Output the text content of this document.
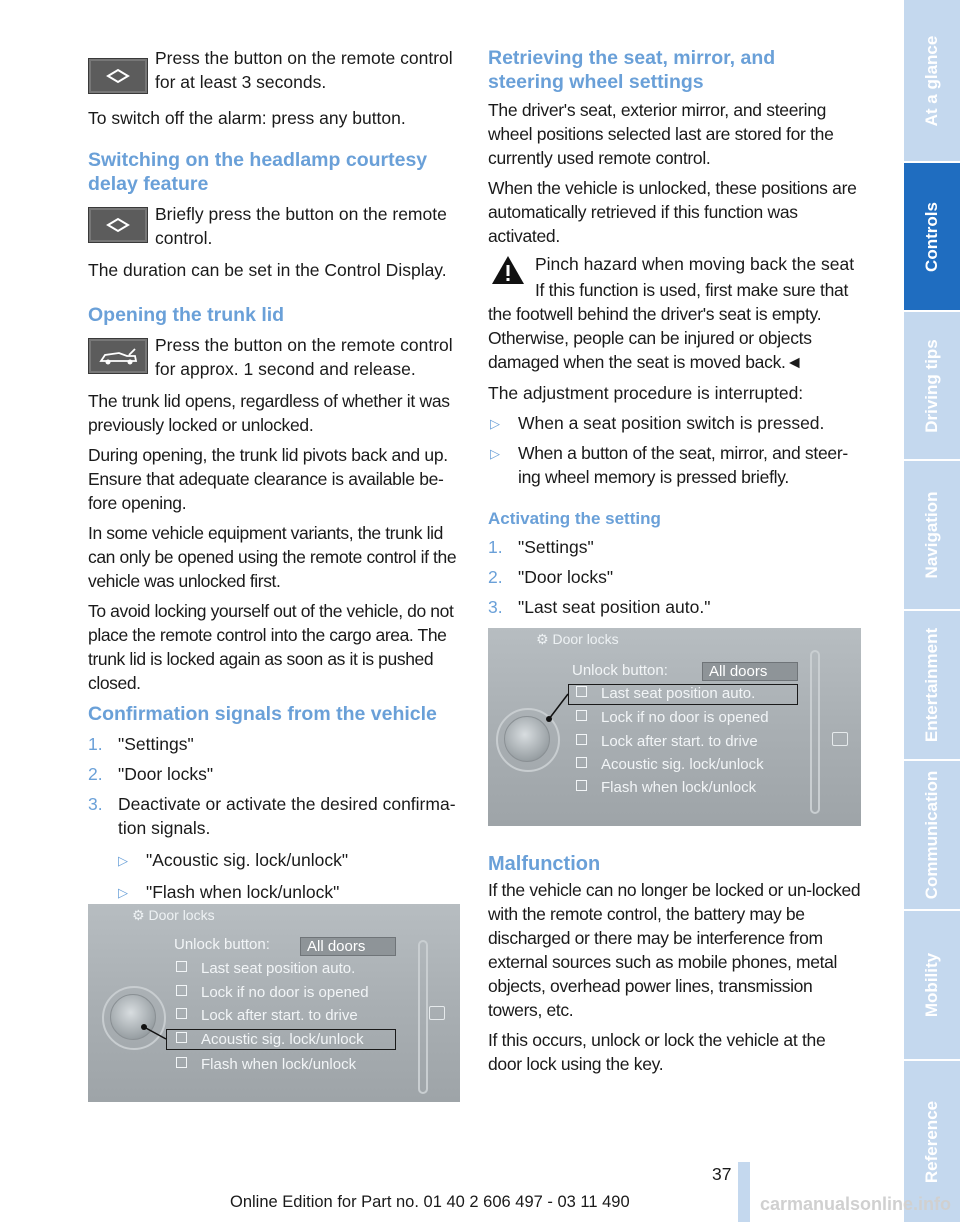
Press the button on the remote control

for at least 3 seconds.

To switch off the alarm: press any button.

Switching on the headlamp courtesy

delay feature

Briefly press the button on the remote

control.

The duration can be set in the Control Display.

Opening the trunk lid

Press the button on the remote control

for approx. 1 second and release.

The trunk lid opens, regardless of whether it was previously locked or unlocked.

During opening, the trunk lid pivots back and up. Ensure that adequate clearance is available be-fore opening.

In some vehicle equipment variants, the trunk lid can only be opened using the remote control if the vehicle was unlocked first.

To avoid locking yourself out of the vehicle, do not place the remote control into the cargo area. The trunk lid is locked again as soon as it is pushed closed.

Confirmation signals from the vehicle

1. "Settings"
2. "Door locks"
3. Deactivate or activate the desired confirma-tion signals.
▷	"Acoustic sig. lock/unlock"
▷	"Flash when lock/unlock"
⚙ Door locks
Unlock button:	All doors
Last seat position auto.
Lock if no door is opened
Lock after start. to drive
Acoustic sig. lock/unlock
Flash when lock/unlock

Retrieving the seat, mirror, and

steering wheel settings

The driver's seat, exterior mirror, and steering wheel positions selected last are stored for the currently used remote control.

When the vehicle is unlocked, these positions are automatically retrieved if this function was activated.

Pinch hazard when moving back the seat

If this function is used, first make sure that

the footwell behind the driver's seat is empty. Otherwise, people can be injured or objects damaged when the seat is moved back.◄

The adjustment procedure is interrupted:

▷	When a seat position switch is pressed.
▷	When a button of the seat, mirror, and steer-ing wheel memory is pressed briefly.

Activating the setting

1. "Settings"
2. "Door locks"
3. "Last seat position auto."
⚙ Door locks
Unlock button:	All doors
Last seat position auto.
Lock if no door is opened
Lock after start. to drive
Acoustic sig. lock/unlock
Flash when lock/unlock

Malfunction

If the vehicle can no longer be locked or un-locked with the remote control, the battery may be discharged or there may be interference from external sources such as mobile phones, metal objects, overhead power lines, transmission towers, etc.

If this occurs, unlock or lock the vehicle at the door lock using the key.

At a glance
Controls
Driving tips
Navigation
Entertainment
Communication
Mobility
Reference

37

Online Edition for Part no. 01 40 2 606 497 - 03 11 490	carmanualsonline.info
